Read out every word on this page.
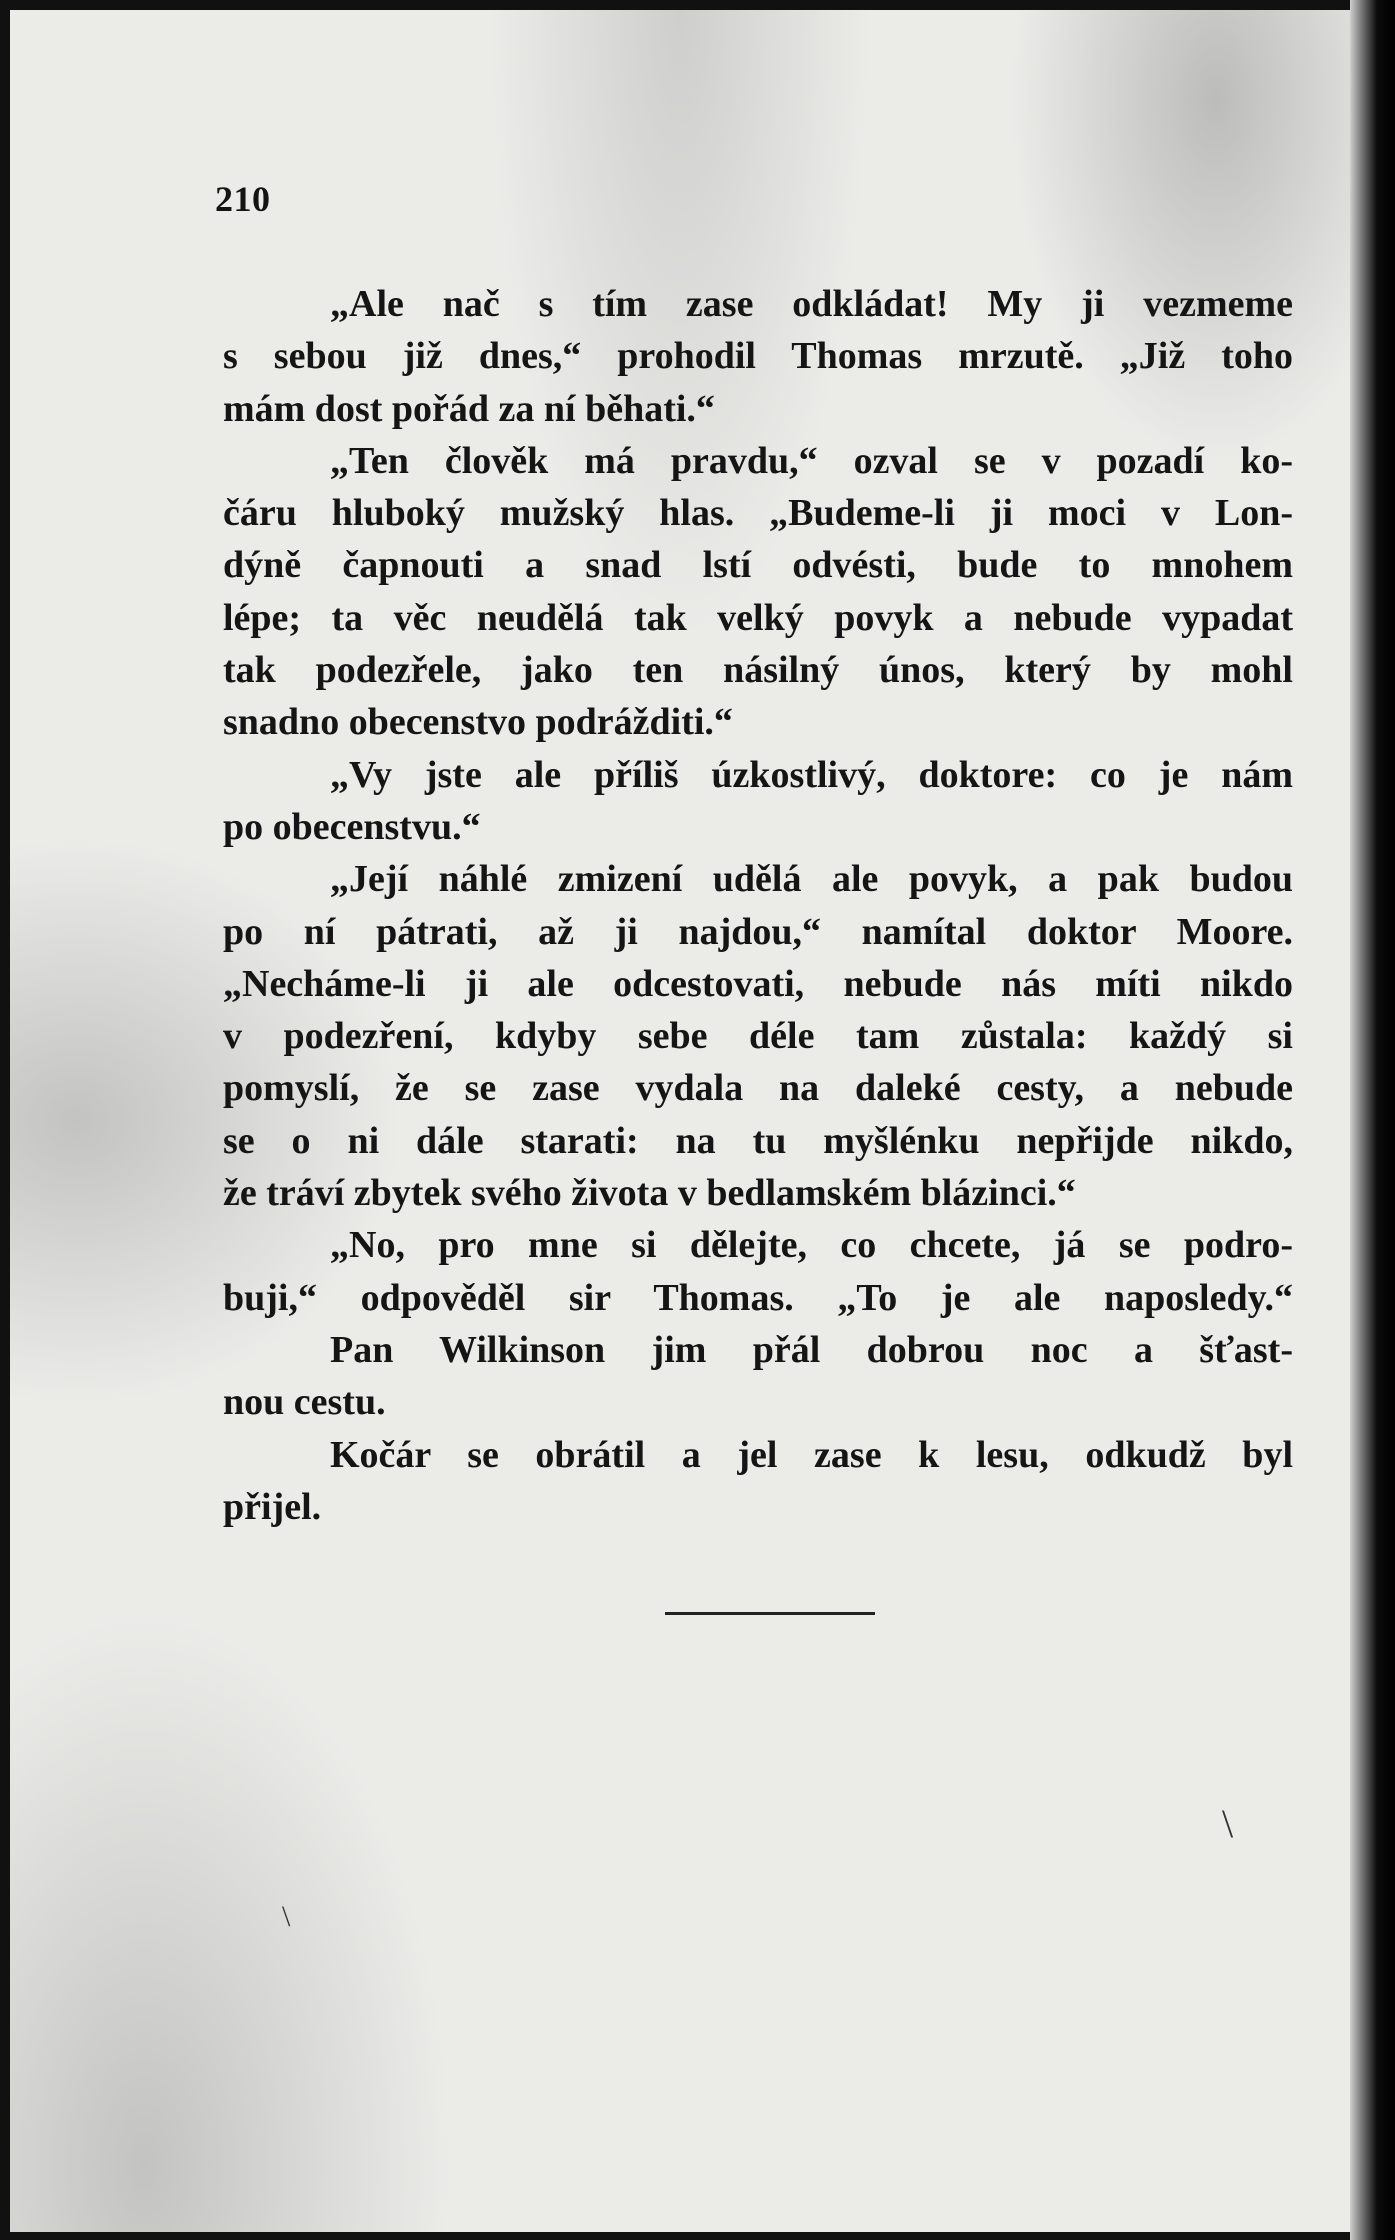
210
„Ale nač s tím zase odkládat! My ji vezmeme
s sebou již dnes,“ prohodil Thomas mrzutě. „Již toho
mám dost pořád za ní běhati.“
„Ten člověk má pravdu,“ ozval se v pozadí ko-
čáru hluboký mužský hlas. „Budeme-li ji moci v Lon-
dýně čapnouti a snad lstí odvésti, bude to mnohem
lépe; ta věc neudělá tak velký povyk a nebude vypadat
tak podezřele, jako ten násilný únos, který by mohl
snadno obecenstvo podrážditi.“
„Vy jste ale příliš úzkostlivý, doktore: co je nám
po obecenstvu.“
„Její náhlé zmizení udělá ale povyk, a pak budou
po ní pátrati, až ji najdou,“ namítal doktor Moore.
„Necháme-li ji ale odcestovati, nebude nás míti nikdo
v podezření, kdyby sebe déle tam zůstala: každý si
pomyslí, že se zase vydala na daleké cesty, a nebude
se o ni dále starati: na tu myšlénku nepřijde nikdo,
že tráví zbytek svého života v bedlamském blázinci.“
„No, pro mne si dělejte, co chcete, já se podro-
buji,“ odpověděl sir Thomas. „To je ale naposledy.“
Pan Wilkinson jim přál dobrou noc a šťast-
nou cestu.
Kočár se obrátil a jel zase k lesu, odkudž byl
přijel.
\
\
